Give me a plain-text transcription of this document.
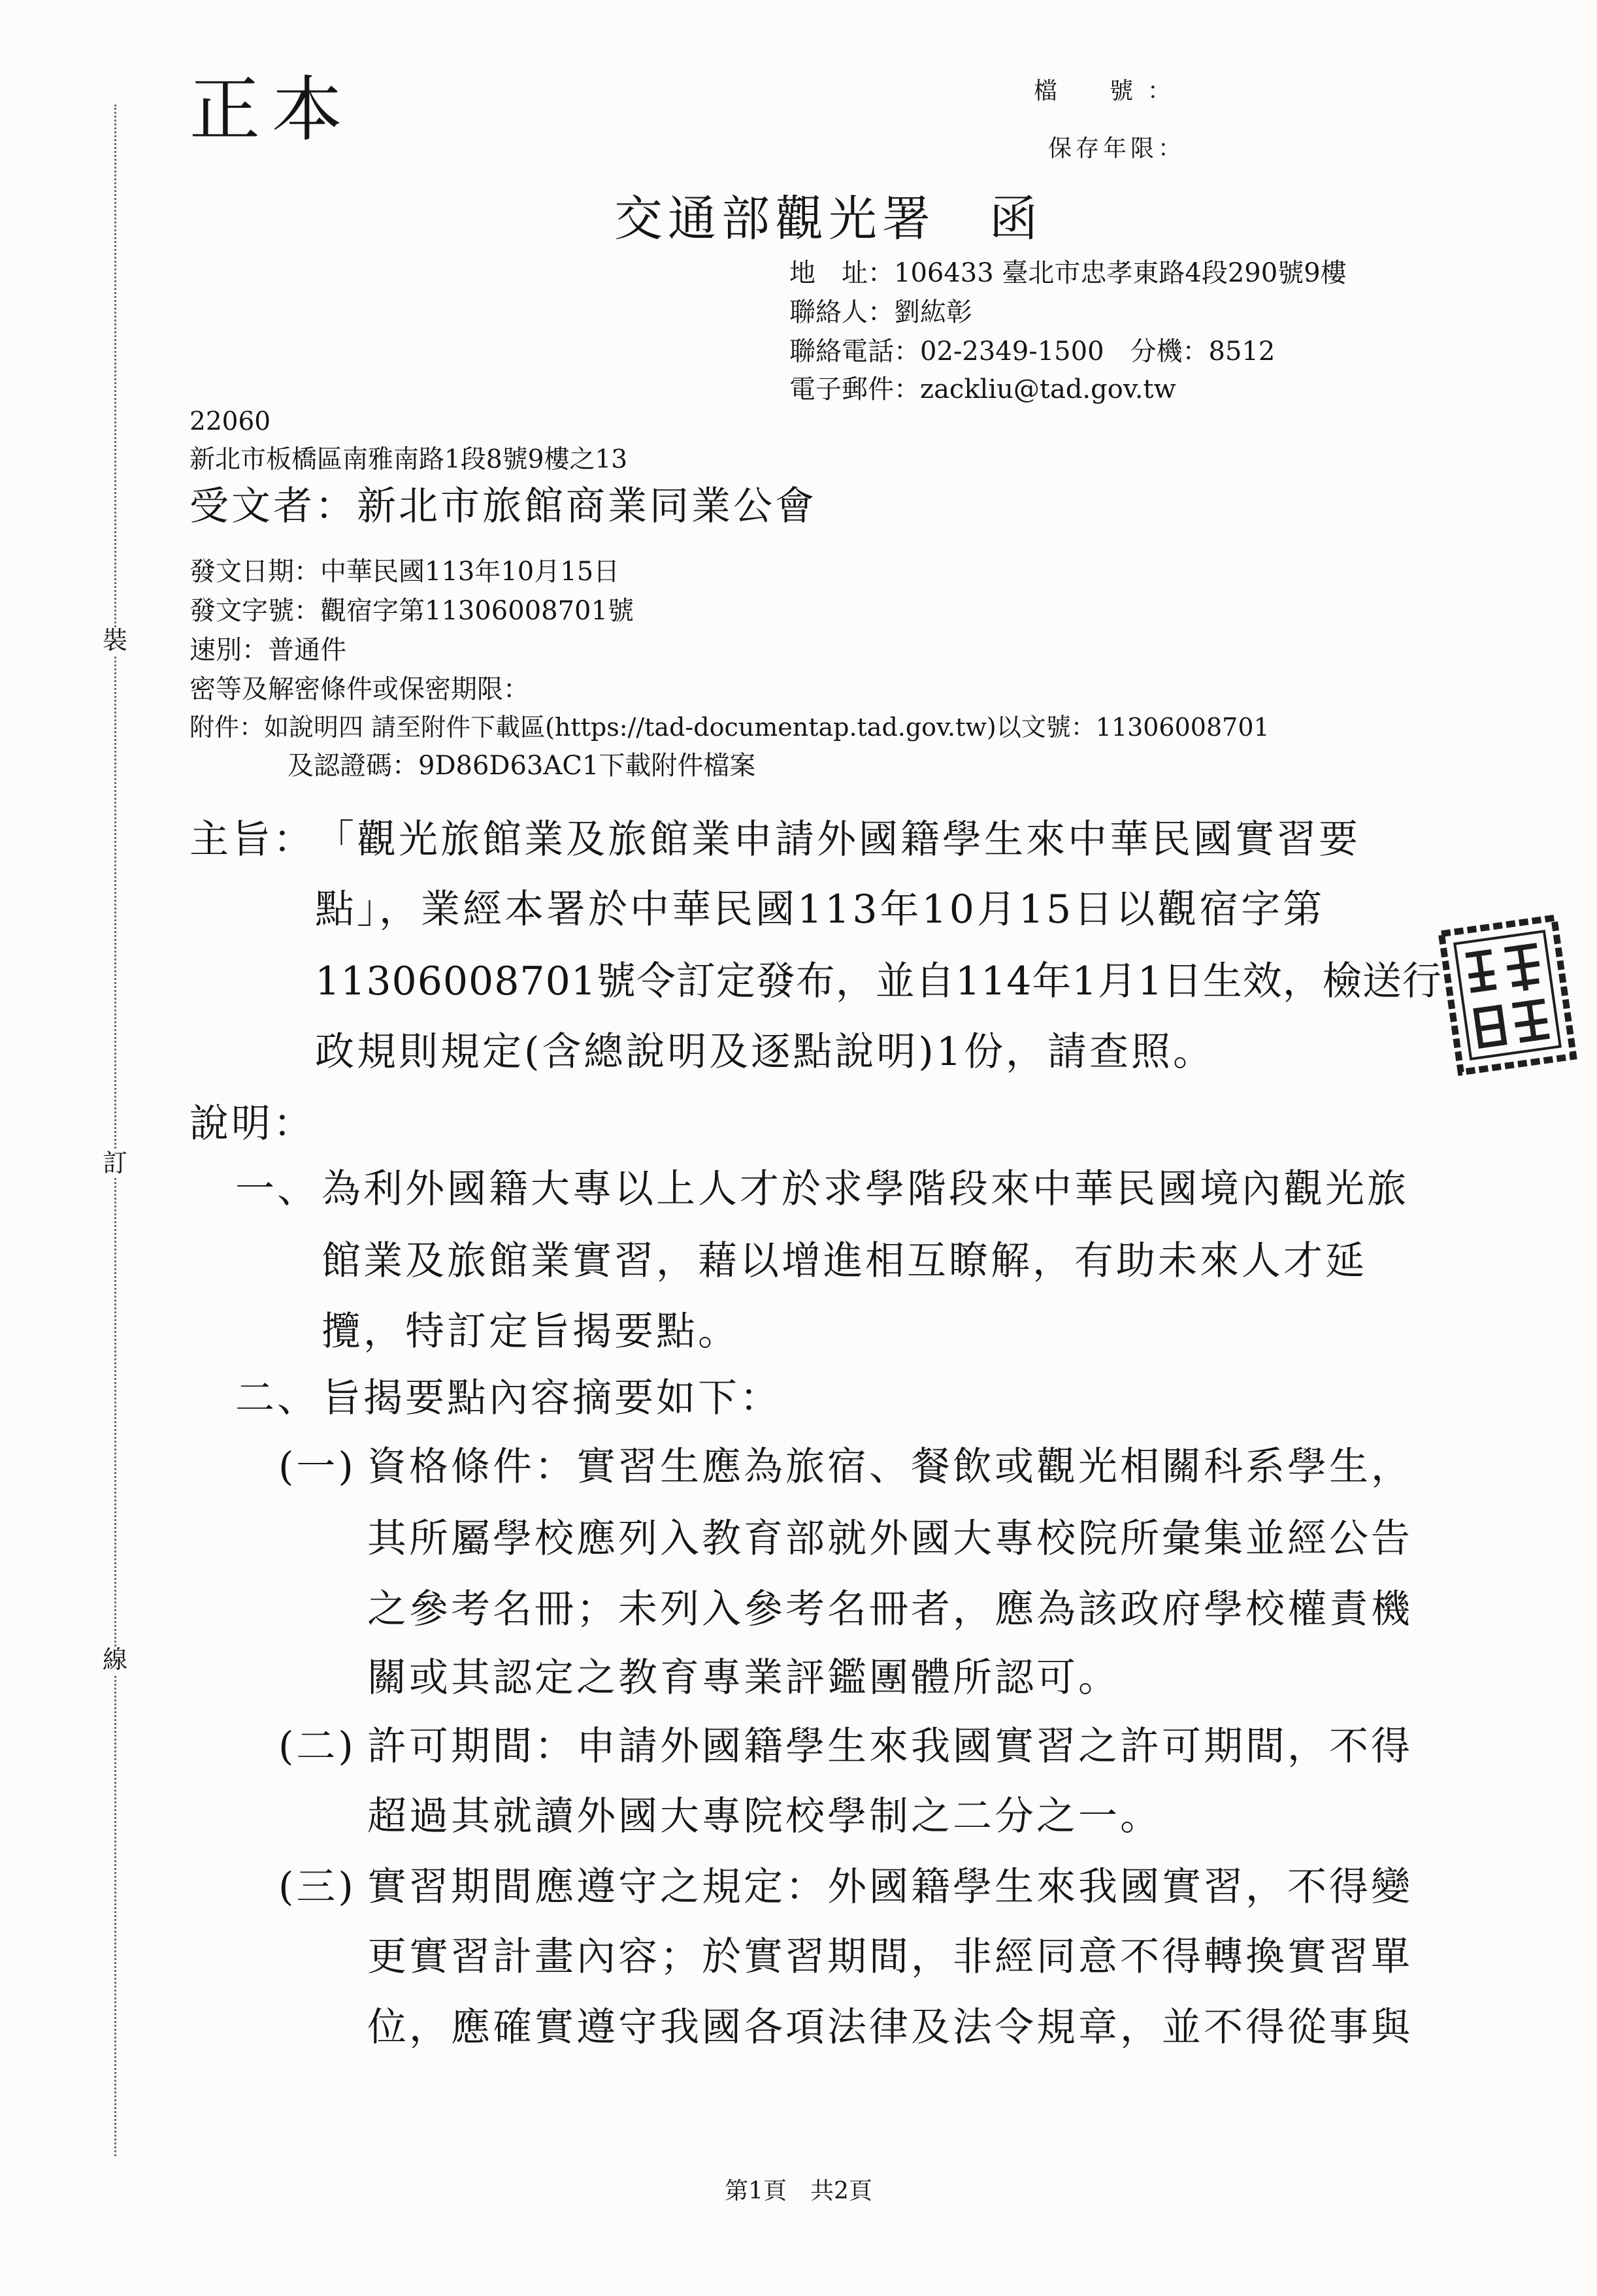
裝
訂
線
正本	檔　號：
保存年限：
交通部觀光署　函
地　址：106433 臺北市忠孝東路4段290號9樓
聯絡人：劉紘彰
聯絡電話：02-2349-1500　分機：8512
電子郵件：zackliu@tad.gov.tw
22060
新北市板橋區南雅南路1段8號9樓之13
受文者：新北市旅館商業同業公會
發文日期：中華民國113年10月15日
發文字號：觀宿字第11306008701號
速別：普通件
密等及解密條件或保密期限：
附件：如說明四 請至附件下載區(https://tad-documentap.tad.gov.tw)以文號：11306008701
及認證碼：9D86D63AC1下載附件檔案
主旨： 「觀光旅館業及旅館業申請外國籍學生來中華民國實習要
點」，業經本署於中華民國113年10月15日以觀宿字第
11306008701號令訂定發布，並自114年1月1日生效，檢送行
政規則規定(含總說明及逐點說明)1份，請查照。
說明：
一、 為利外國籍大專以上人才於求學階段來中華民國境內觀光旅
館業及旅館業實習，藉以增進相互瞭解，有助未來人才延
攬，特訂定旨揭要點。
二、 旨揭要點內容摘要如下：
(一) 資格條件：實習生應為旅宿、餐飲或觀光相關科系學生，
其所屬學校應列入教育部就外國大專校院所彙集並經公告
之參考名冊；未列入參考名冊者，應為該政府學校權責機
關或其認定之教育專業評鑑團體所認可。
(二) 許可期間：申請外國籍學生來我國實習之許可期間，不得
超過其就讀外國大專院校學制之二分之一。
(三) 實習期間應遵守之規定：外國籍學生來我國實習，不得變
更實習計畫內容；於實習期間，非經同意不得轉換實習單
位，應確實遵守我國各項法律及法令規章，並不得從事與
第1頁　共2頁
